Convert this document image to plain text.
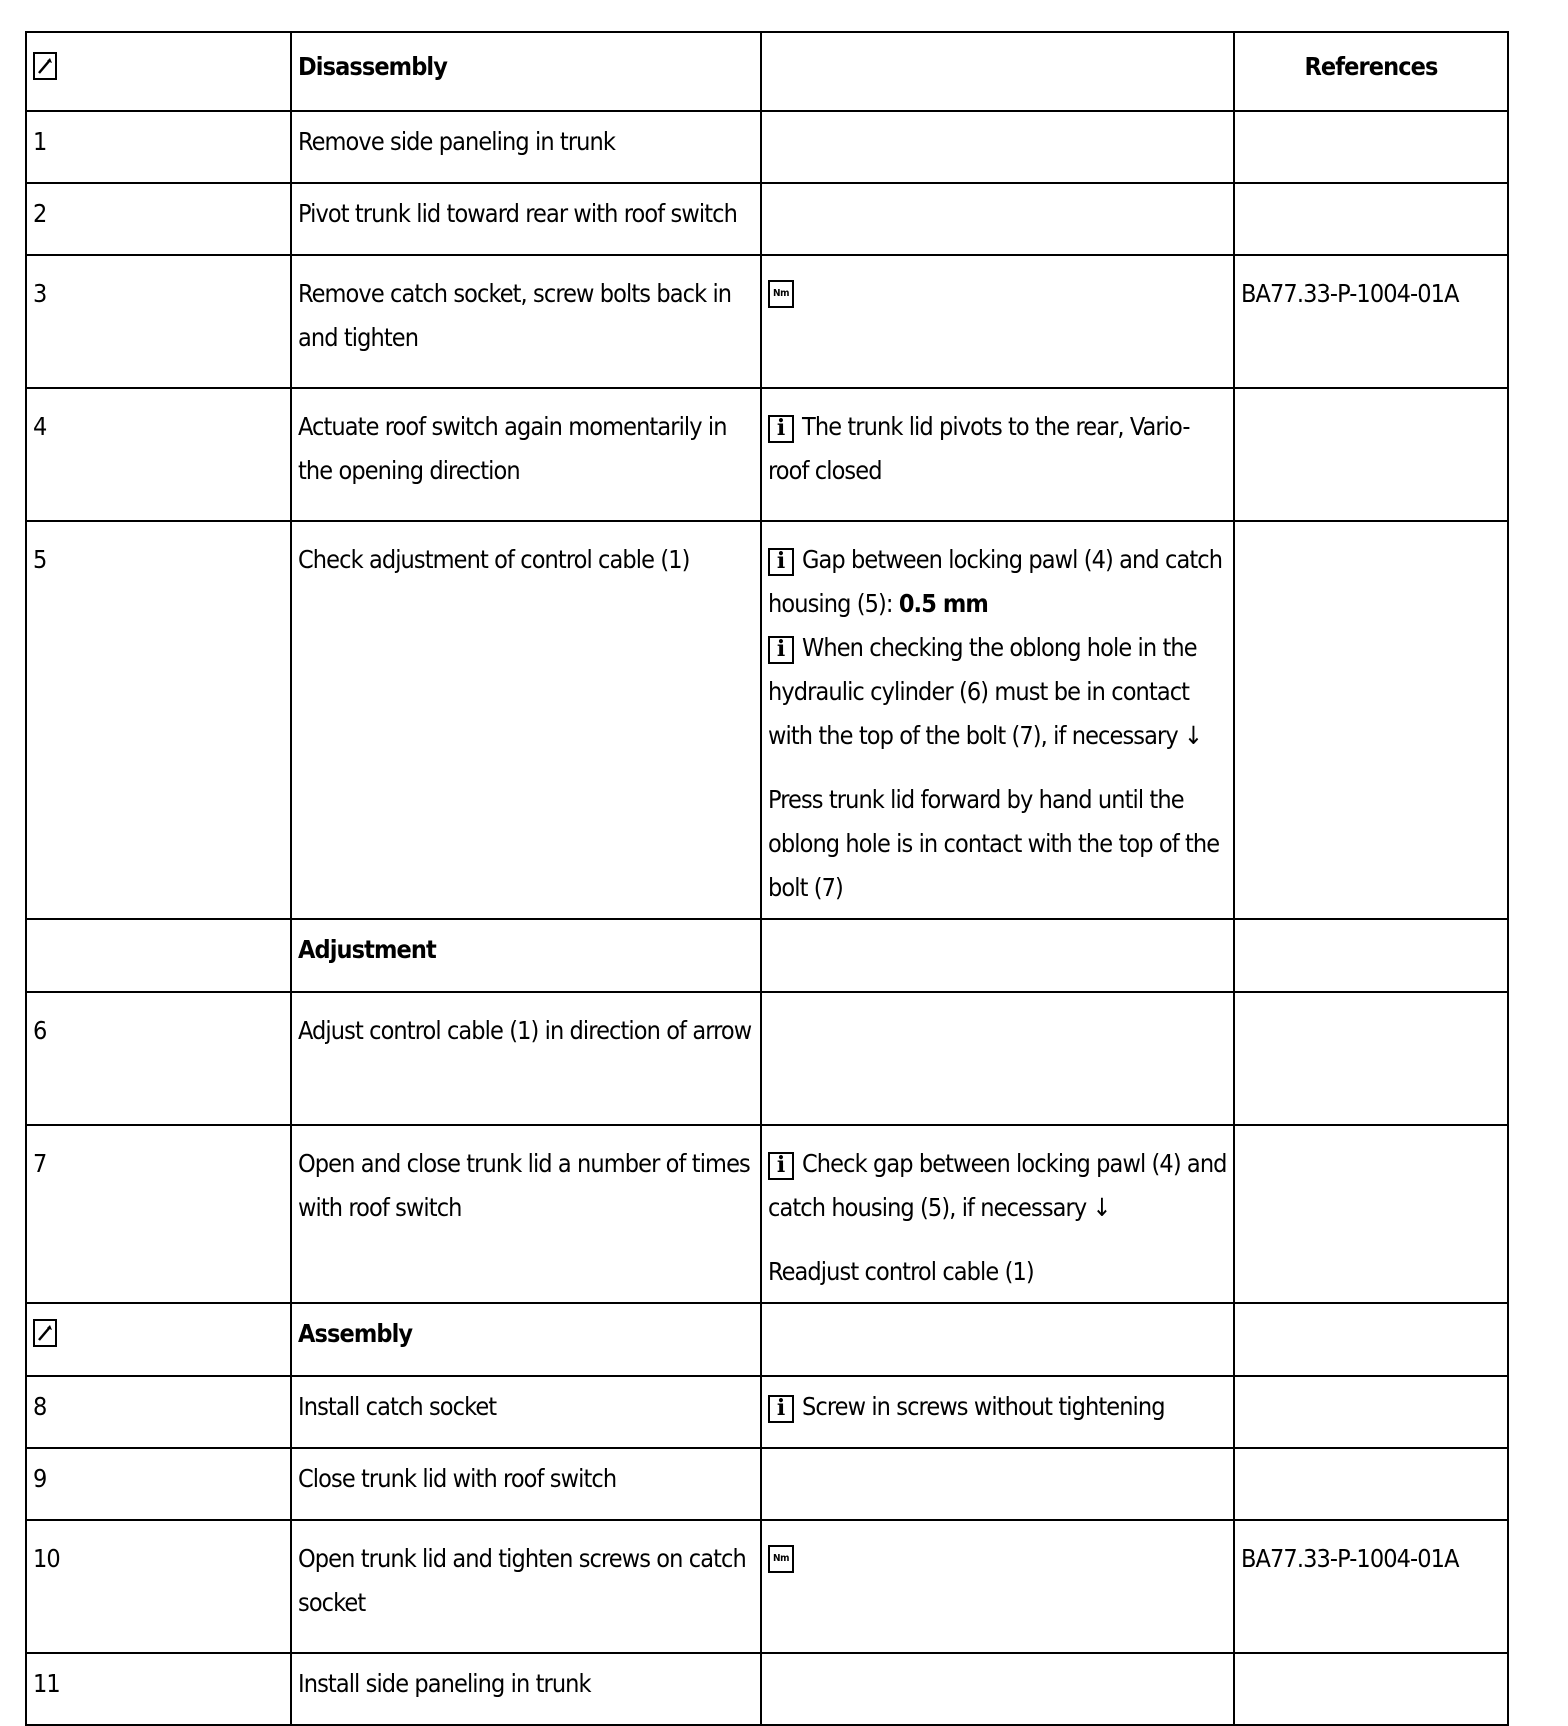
	Disassembly		References
1	Remove side paneling in trunk		
2	Pivot trunk lid toward rear with roof switch		
3	Remove catch socket, screw bolts back in and tighten	Nm	BA77.33-P-1004-01A
4	Actuate roof switch again momentarily in the opening direction	i The trunk lid pivots to the rear, Vario-roof closed	
5	Check adjustment of control cable (1)	i Gap between locking pawl (4) and catch housing (5): 0.5 mm
i When checking the oblong hole in the hydraulic cylinder (6) must be in contact with the top of the bolt (7), if necessary ↓
Press trunk lid forward by hand until the oblong hole is in contact with the top of the bolt (7)	

	Adjustment		
6	Adjust control cable (1) in direction of arrow		
7	Open and close trunk lid a number of times with roof switch	i Check gap between locking pawl (4) and catch housing (5), if necessary ↓
Readjust control cable (1)	

	Assembly		
8	Install catch socket	i Screw in screws without tightening	
9	Close trunk lid with roof switch		
10	Open trunk lid and tighten screws on catch socket	Nm	BA77.33-P-1004-01A
11	Install side paneling in trunk		
